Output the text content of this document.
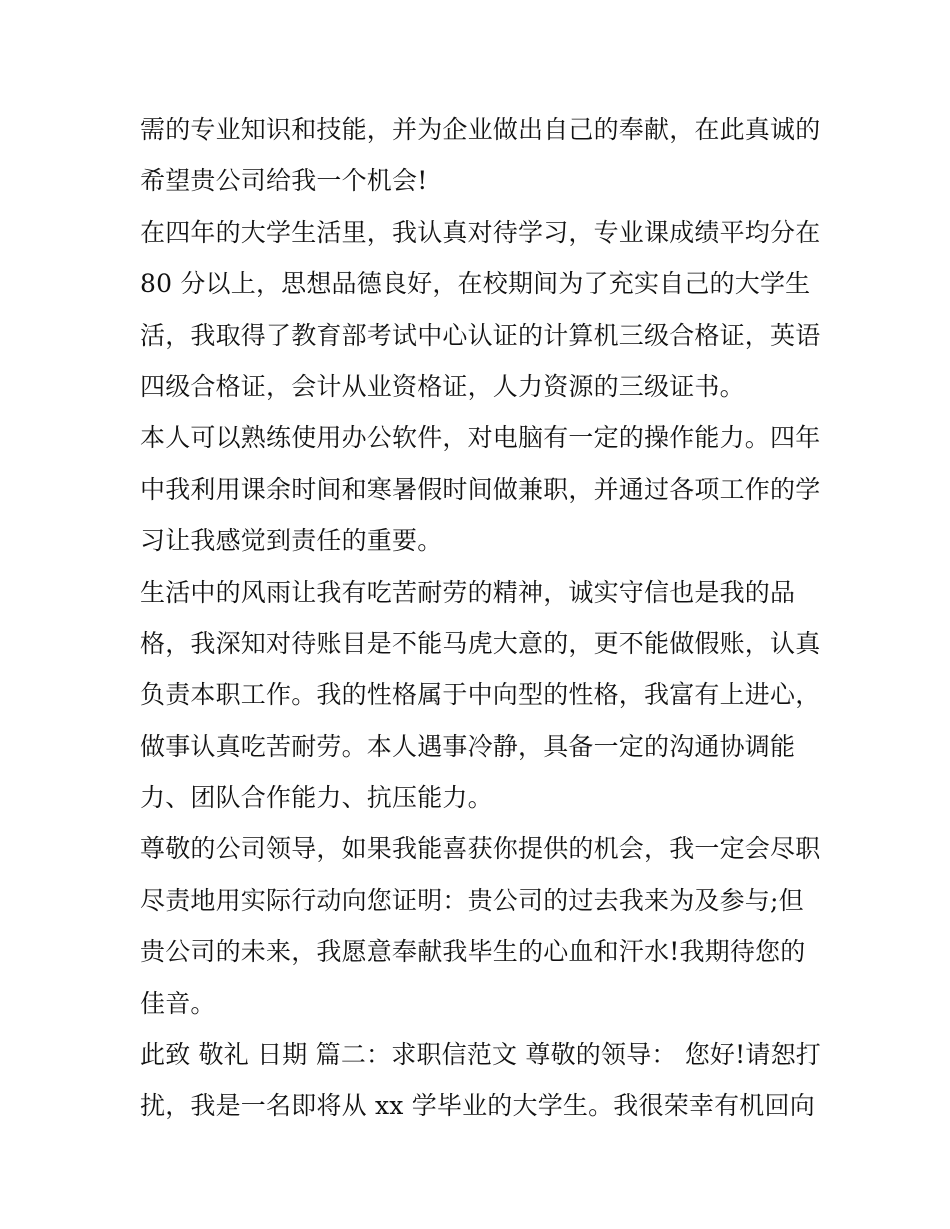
需的专业知识和技能，并为企业做出自己的奉献，在此真诚的
希望贵公司给我一个机会!
在四年的大学生活里，我认真对待学习，专业课成绩平均分在
80 分以上，思想品德良好，在校期间为了充实自己的大学生
活，我取得了教育部考试中心认证的计算机三级合格证，英语
四级合格证，会计从业资格证，人力资源的三级证书。
本人可以熟练使用办公软件，对电脑有一定的操作能力。四年
中我利用课余时间和寒暑假时间做兼职，并通过各项工作的学
习让我感觉到责任的重要。
生活中的风雨让我有吃苦耐劳的精神，诚实守信也是我的品
格，我深知对待账目是不能马虎大意的，更不能做假账，认真
负责本职工作。我的性格属于中向型的性格，我富有上进心，
做事认真吃苦耐劳。本人遇事冷静，具备一定的沟通协调能
力、团队合作能力、抗压能力。
尊敬的公司领导，如果我能喜获你提供的机会，我一定会尽职
尽责地用实际行动向您证明：贵公司的过去我来为及参与;但
贵公司的未来，我愿意奉献我毕生的心血和汗水!我期待您的
佳音。
此致 敬礼 日期 篇二：求职信范文 尊敬的领导： 您好!请恕打
扰，我是一名即将从 xx 学毕业的大学生。我很荣幸有机回向
